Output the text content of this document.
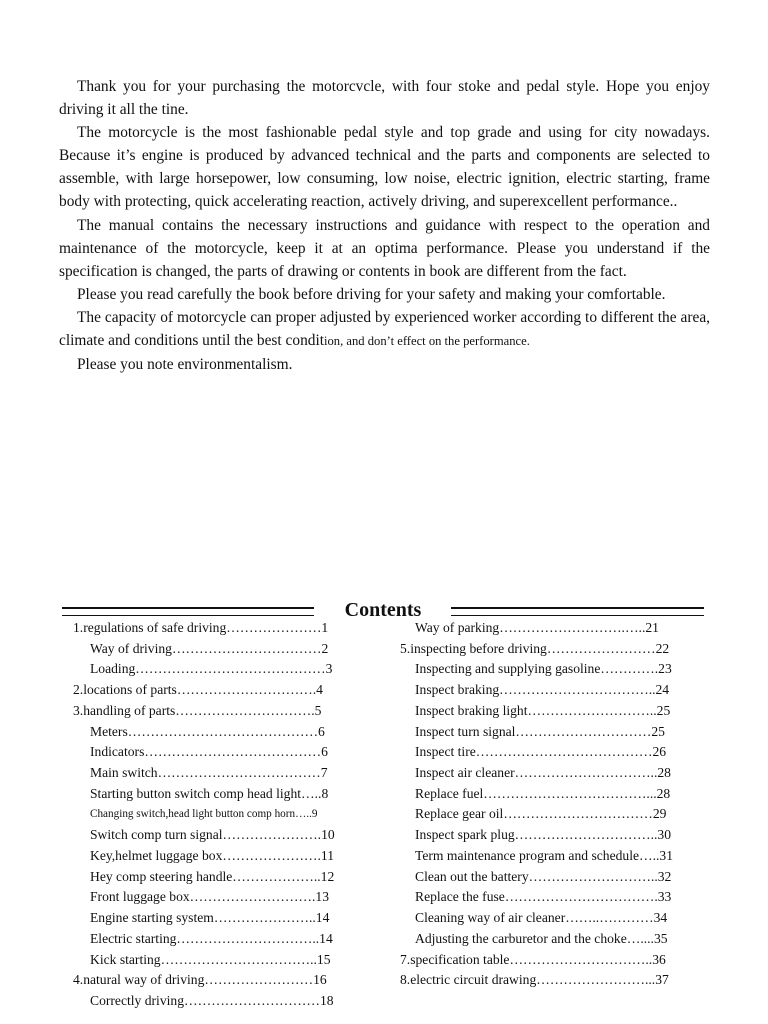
Thank you for your purchasing the motorcvcle, with four stoke and pedal style. Hope you enjoy driving it all the tine.

The motorcycle is the most fashionable pedal style and top grade and using for city nowadays. Because it’s engine is produced by advanced technical and the parts and components are selected to assemble, with large horsepower, low consuming, low noise, electric ignition, electric starting, frame body with protecting, quick accelerating reaction, actively driving, and superexcellent performance..

The manual contains the necessary instructions and guidance with respect to the operation and maintenance of the motorcycle, keep it at an optima performance. Please you understand if the specification is changed, the parts of drawing or contents in book are different from the fact.

Please you read carefully the book before driving for your safety and making your comfortable.

The capacity of motorcycle can proper adjusted by experienced worker according to different the area, climate and conditions until the best condition, and don’t effect on the performance.

Please you note environmentalism.

Contents
1.regulations of safe driving…………………1
Way of driving……………………………2
Loading……………………………………3
2.locations of parts………………………….4
3.handling of parts………………………….5
Meters……………………………………6
Indicators…………………………………6
Main switch………………………………7
Starting button switch comp head light…..8
Changing switch,head light button comp horn…..9
Switch comp turn signal………………….10
Key,helmet luggage box………………….11
Hey comp steering handle………………..12
Front luggage box……………………….13
Engine starting system…………………..14
Electric starting…………………………..14
Kick starting……………………………..15
4.natural way of driving……………………16
Correctly driving…………………………18
Way of parking……………………….…..21
5.inspecting before driving……………………22
Inspecting and supplying gasoline………….23
Inspect braking……………………………..24
Inspect braking light………………………..25
Inspect turn signal…………………………25
Inspect tire…………………………………26
Inspect air cleaner…………………………..28
Replace fuel………………………………...28
Replace gear oil……………………………29
Inspect spark plug…………………………..30
Term maintenance program and schedule…..31
Clean out the battery………………………..32
Replace the fuse…………………………….33
Cleaning way of air cleaner……..…………34
Adjusting the carburetor and the choke…....35
7.specification table…………………………..36
8.electric circuit drawing……………………...37
